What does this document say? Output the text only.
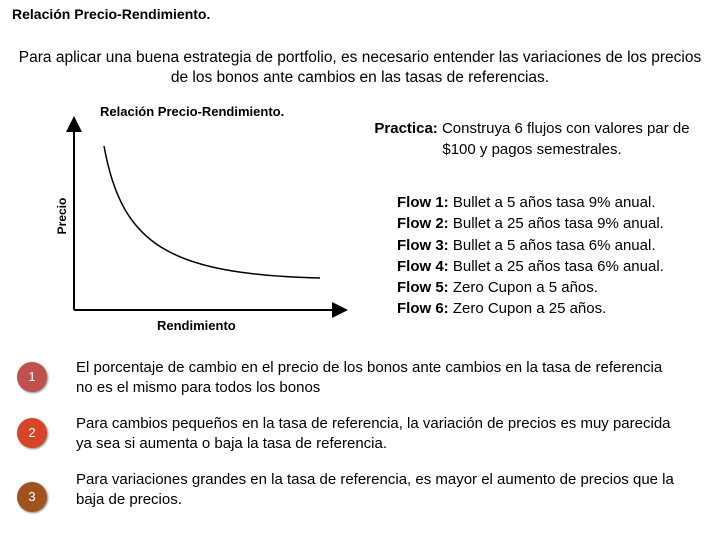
Relación Precio-Rendimiento.
Para aplicar una buena estrategia de portfolio, es necesario entender las variaciones de los precios de los bonos ante cambios en las tasas de referencias.
Relación Precio-Rendimiento.
Precio
Rendimiento
Practica: Construya 6 flujos con valores par de $100 y pagos semestrales.
Flow 1: Bullet a 5 años tasa 9% anual.
Flow 2: Bullet a 25 años tasa 9% anual.
Flow 3: Bullet a 5 años tasa 6% anual.
Flow 4: Bullet a 25 años tasa 6% anual.
Flow 5: Zero Cupon a 5 años.
Flow 6: Zero Cupon a 25 años.
1
El porcentaje de cambio en el precio de los bonos ante cambios en la tasa de referencia no es el mismo para todos los bonos
2
Para cambios pequeños en la tasa de referencia, la variación de precios es muy parecida ya sea si aumenta o baja la tasa de referencia.
3
Para variaciones grandes en la tasa de referencia, es mayor el aumento de precios que la baja de precios.
